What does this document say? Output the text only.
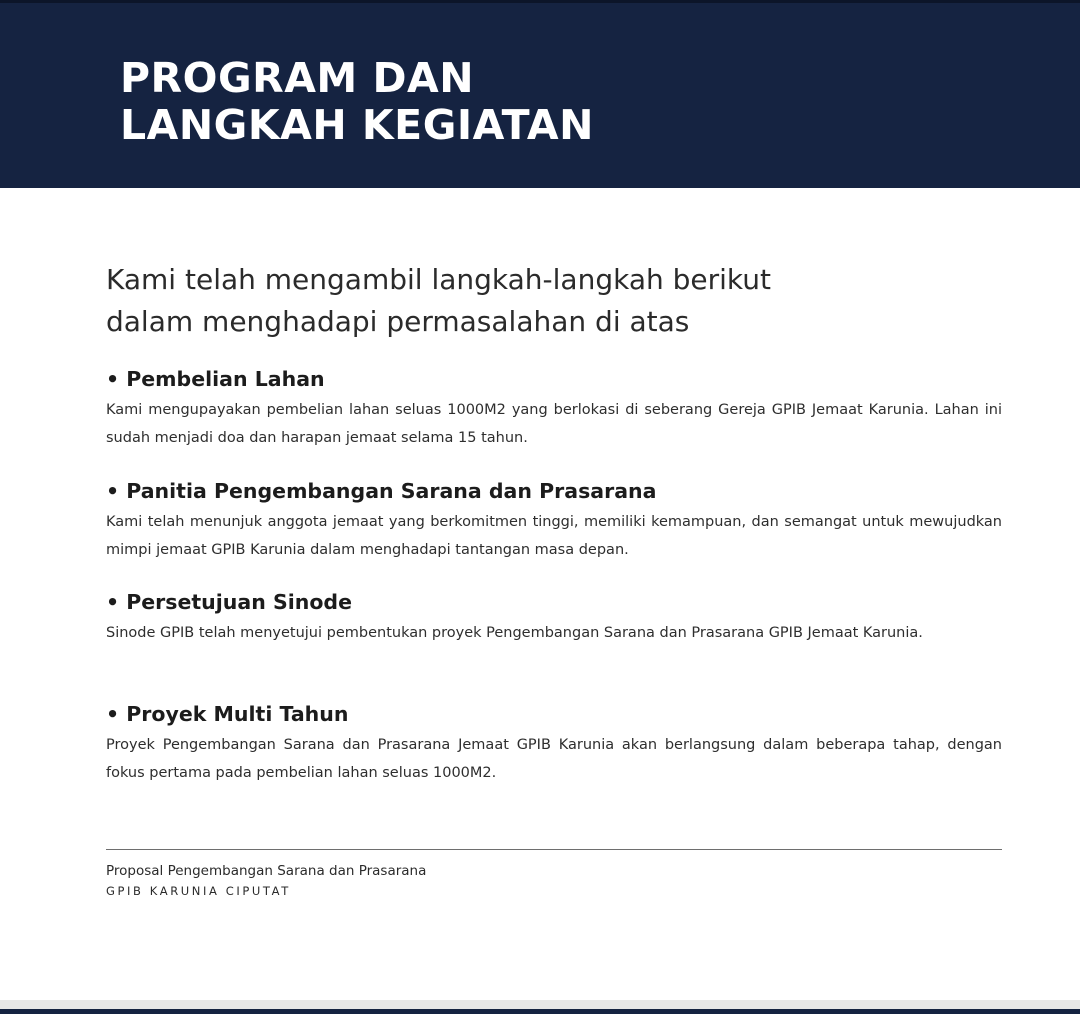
PROGRAM DAN
LANGKAH KEGIATAN

Kami telah mengambil langkah-langkah berikut
dalam menghadapi permasalahan di atas

• Pembelian Lahan

Kami mengupayakan pembelian lahan seluas 1000M2 yang berlokasi di seberang Gereja GPIB Jemaat Karunia. Lahan ini sudah menjadi doa dan harapan jemaat selama 15 tahun.

• Panitia Pengembangan Sarana dan Prasarana

Kami telah menunjuk anggota jemaat yang berkomitmen tinggi, memiliki kemampuan, dan semangat untuk mewujudkan mimpi jemaat GPIB Karunia dalam menghadapi tantangan masa depan.

• Persetujuan Sinode

Sinode GPIB telah menyetujui pembentukan proyek Pengembangan Sarana dan Prasarana GPIB Jemaat Karunia.

• Proyek Multi Tahun

Proyek Pengembangan Sarana dan Prasarana Jemaat GPIB Karunia akan berlangsung dalam beberapa tahap, dengan fokus pertama pada pembelian lahan seluas 1000M2.

Proposal Pengembangan Sarana dan Prasarana

GPIB KARUNIA CIPUTAT
